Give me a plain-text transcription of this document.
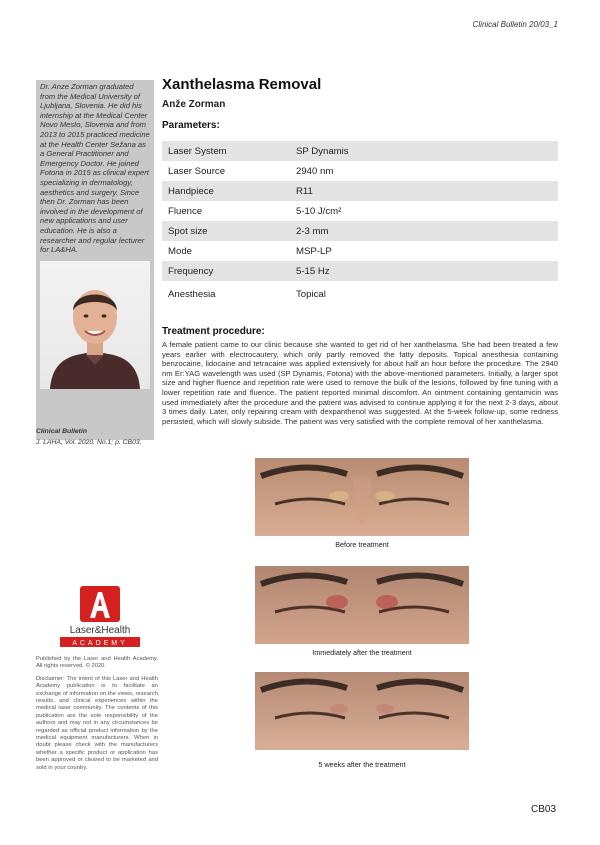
Clinical Bulletin 20/03_1

Dr. Anze Zorman graduated from the Medical University of Ljubljana, Slovenia. He did his internship at the Medical Center Novo Mesto, Slovenia and from 2013 to 2015 practiced medicine at the Health Center Sežana as a General Practitioner and Emergency Doctor. He joined Fotona in 2015 as clinical expert specializing in dermatology, aesthetics and surgery. Since then Dr. Zorman has been involved in the development of new applications and user education. He is also a researcher and regular lecturer for LA&HA.

Clinical Bulletin
J. LAHA, Vol. 2020, No.1; p. CB03.
Laser&Health
ACADEMY

Published by the Laser and Health Academy. All rights reserved. © 2020.

Disclaimer: The intent of this Laser and Health Academy publication is to facilitate an exchange of information on the views, research results, and clinical experiences within the medical laser community. The contents of this publication are the sole responsibility of the authors and may not in any circumstances be regarded as official product information by the medical equipment manufacturers. When in doubt please check with the manufacturers whether a specific product or application has been approved or cleared to be marketed and sold in your country.

Xanthelasma Removal
Anže Zorman
Parameters:
Laser System	SP Dynamis
Laser Source	2940 nm
Handpiece	R11
Fluence	5-10 J/cm²
Spot size	2-3 mm
Mode	MSP-LP
Frequency	5-15 Hz
Anesthesia	Topical
Treatment procedure:

A female patient came to our clinic because she wanted to get rid of her xanthelasma. She had been treated a few years earlier with electrocautery, which only partly removed the fatty deposits. Topical anesthesia containing benzocaine, lidocaine and tetracaine was applied extensively for about half an hour before the procedure. The 2940 nm Er:YAG wavelength was used (SP Dynamis, Fotona) with the above-mentioned parameters. Initially, a larger spot size and higher fluence and repetition rate were used to remove the bulk of the lesions, followed by fine tuning with a lower repetition rate and fluence. The patient reported minimal discomfort. An ointment containing gentamicin was used immediately after the procedure and the patient was advised to continue applying it for the next 2-3 days, about 3 times daily. Later, only repairing cream with dexpanthenol was suggested. At the 5-week follow-up, some redness persisted, which will slowly subside. The patient was very satisfied with the complete removal of her xanthelasma.

Before treatment
Immediately after the treatment
5 weeks after the treatment
CB03
